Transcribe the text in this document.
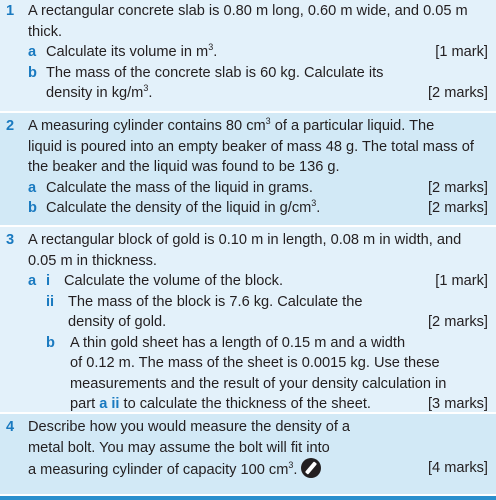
1 A rectangular concrete slab is 0.80 m long, 0.60 m wide, and 0.05 m
thick.
a Calculate its volume in $m^3$.	[1 mark]
b The mass of the concrete slab is 60 kg. Calculate its
density in $kg/m^3$.	[2 marks]
2 A measuring cylinder contains 80 $cm^3$ of a particular liquid. The
liquid is poured into an empty beaker of mass 48 g. The total mass of
the beaker and the liquid was found to be 136 g.
a Calculate the mass of the liquid in grams.	[2 marks]
b Calculate the density of the liquid in $g/cm^3$.	[2 marks]
3 A rectangular block of gold is 0.10 m in length, 0.08 m in width, and
0.05 m in thickness.
a i Calculate the volume of the block.	[1 mark]
ii The mass of the block is 7.6 kg. Calculate the
density of gold.	[2 marks]
b A thin gold sheet has a length of 0.15 m and a width
of 0.12 m. The mass of the sheet is 0.0015 kg. Use these
measurements and the result of your density calculation in
part a ii to calculate the thickness of the sheet.	[3 marks]
4 Describe how you would measure the density of a
metal bolt. You may assume the bolt will fit into
a measuring cylinder of capacity 100 $cm^3$.	[4 marks]
